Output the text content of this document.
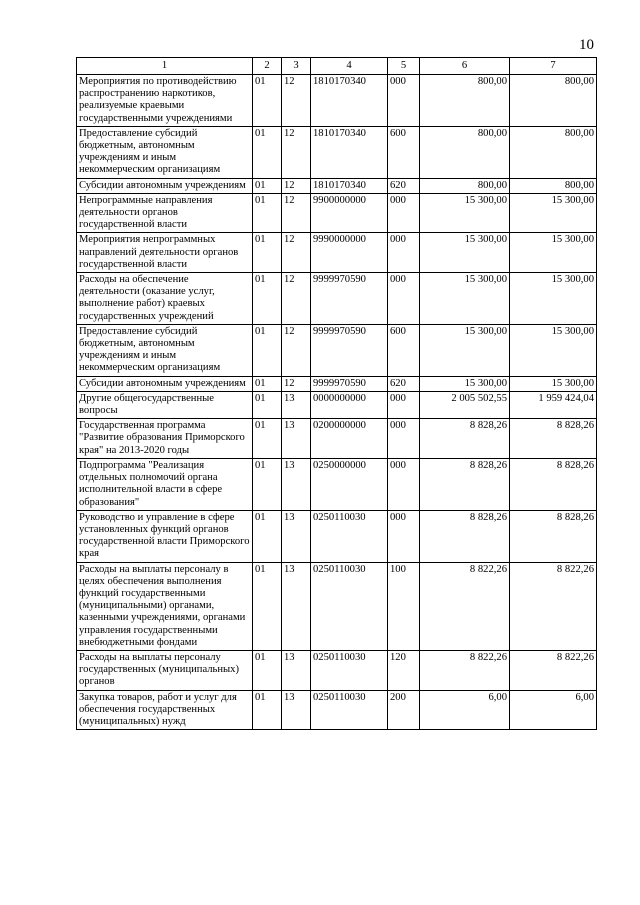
10
1	2	3	4	5	6	7
Мероприятия по противодействию распространению наркотиков, реализуемые краевыми государственными учреждениями	01	12	1810170340	000	800,00	800,00
Предоставление субсидий бюджетным, автономным учреждениям и иным некоммерческим организациям	01	12	1810170340	600	800,00	800,00
Субсидии автономным учреждениям	01	12	1810170340	620	800,00	800,00
Непрограммные направления деятельности органов государственной власти	01	12	9900000000	000	15 300,00	15 300,00
Мероприятия непрограммных направлений деятельности органов государственной власти	01	12	9990000000	000	15 300,00	15 300,00
Расходы на обеспечение деятельности (оказание услуг, выполнение работ) краевых государственных учреждений	01	12	9999970590	000	15 300,00	15 300,00
Предоставление субсидий бюджетным, автономным учреждениям и иным некоммерческим организациям	01	12	9999970590	600	15 300,00	15 300,00
Субсидии автономным учреждениям	01	12	9999970590	620	15 300,00	15 300,00
Другие общегосударственные вопросы	01	13	0000000000	000	2 005 502,55	1 959 424,04
Государственная программа "Развитие образования Приморского края" на 2013-2020 годы	01	13	0200000000	000	8 828,26	8 828,26
Подпрограмма "Реализация отдельных полномочий органа исполнительной власти в сфере образования"	01	13	0250000000	000	8 828,26	8 828,26
Руководство и управление в сфере установленных функций органов государственной власти Приморского края	01	13	0250110030	000	8 828,26	8 828,26
Расходы на выплаты персоналу в целях обеспечения выполнения функций государственными (муниципальными) органами, казенными учреждениями, органами управления государственными внебюджетными фондами	01	13	0250110030	100	8 822,26	8 822,26
Расходы на выплаты персоналу государственных (муниципальных) органов	01	13	0250110030	120	8 822,26	8 822,26
Закупка товаров, работ и услуг для обеспечения государственных (муниципальных) нужд	01	13	0250110030	200	6,00	6,00
